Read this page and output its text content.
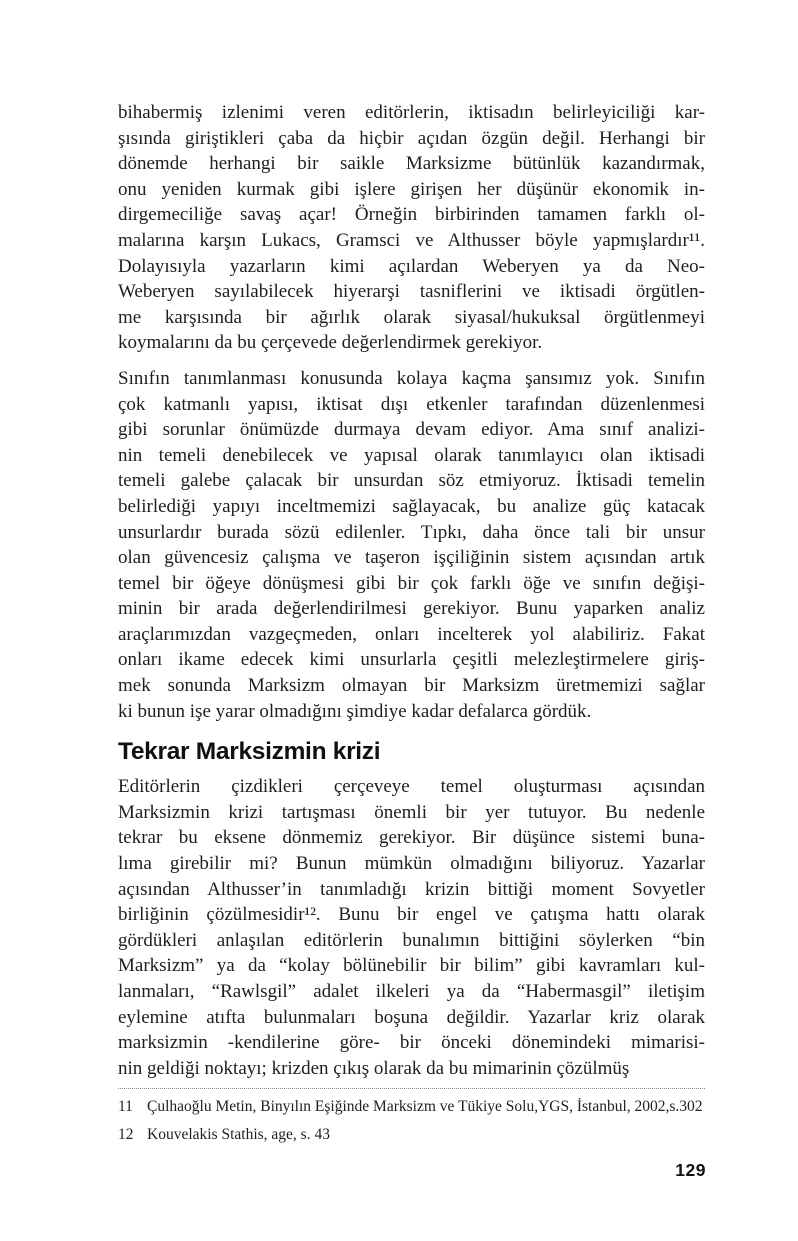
bihabermiş izlenimi veren editörlerin, iktisadın belirleyiciliği kar-
şısında giriştikleri çaba da hiçbir açıdan özgün değil. Herhangi bir
dönemde herhangi bir saikle Marksizme bütünlük kazandırmak,
onu yeniden kurmak gibi işlere girişen her düşünür ekonomik in-
dirgemeciliğe savaş açar! Örneğin birbirinden tamamen farklı ol-
malarına karşın Lukacs, Gramsci ve Althusser böyle yapmışlardır¹¹.
Dolayısıyla yazarların kimi açılardan Weberyen ya da Neo-
Weberyen sayılabilecek hiyerarşi tasniflerini ve iktisadi örgütlen-
me karşısında bir ağırlık olarak siyasal/hukuksal örgütlenmeyi
koymalarını da bu çerçevede değerlendirmek gerekiyor.
Sınıfın tanımlanması konusunda kolaya kaçma şansımız yok. Sınıfın
çok katmanlı yapısı, iktisat dışı etkenler tarafından düzenlenmesi
gibi sorunlar önümüzde durmaya devam ediyor. Ama sınıf analizi-
nin temeli denebilecek ve yapısal olarak tanımlayıcı olan iktisadi
temeli galebe çalacak bir unsurdan söz etmiyoruz. İktisadi temelin
belirlediği yapıyı inceltmemizi sağlayacak, bu analize güç katacak
unsurlardır burada sözü edilenler. Tıpkı, daha önce tali bir unsur
olan güvencesiz çalışma ve taşeron işçiliğinin sistem açısından artık
temel bir öğeye dönüşmesi gibi bir çok farklı öğe ve sınıfın değişi-
minin bir arada değerlendirilmesi gerekiyor. Bunu yaparken analiz
araçlarımızdan vazgeçmeden, onları incelterek yol alabiliriz. Fakat
onları ikame edecek kimi unsurlarla çeşitli melezleştirmelere giriş-
mek sonunda Marksizm olmayan bir Marksizm üretmemizi sağlar
ki bunun işe yarar olmadığını şimdiye kadar defalarca gördük.
Tekrar Marksizmin krizi
Editörlerin çizdikleri çerçeveye temel oluşturması açısından
Marksizmin krizi tartışması önemli bir yer tutuyor. Bu nedenle
tekrar bu eksene dönmemiz gerekiyor. Bir düşünce sistemi buna-
lıma girebilir mi? Bunun mümkün olmadığını biliyoruz. Yazarlar
açısından Althusser’in tanımladığı krizin bittiği moment Sovyetler
birliğinin çözülmesidir¹². Bunu bir engel ve çatışma hattı olarak
gördükleri anlaşılan editörlerin bunalımın bittiğini söylerken “bin
Marksizm” ya da “kolay bölünebilir bir bilim” gibi kavramları kul-
lanmaları, “Rawlsgil” adalet ilkeleri ya da “Habermasgil” iletişim
eylemine atıfta bulunmaları boşuna değildir. Yazarlar kriz olarak
marksizmin -kendilerine göre- bir önceki dönemindeki mimarisi-
nin geldiği noktayı; krizden çıkış olarak da bu mimarinin çözülmüş
11 Çulhaoğlu Metin, Binyılın Eşiğinde Marksizm ve Tükiye Solu,YGS, İstanbul, 2002,s.302
12 Kouvelakis Stathis, age, s. 43
129
